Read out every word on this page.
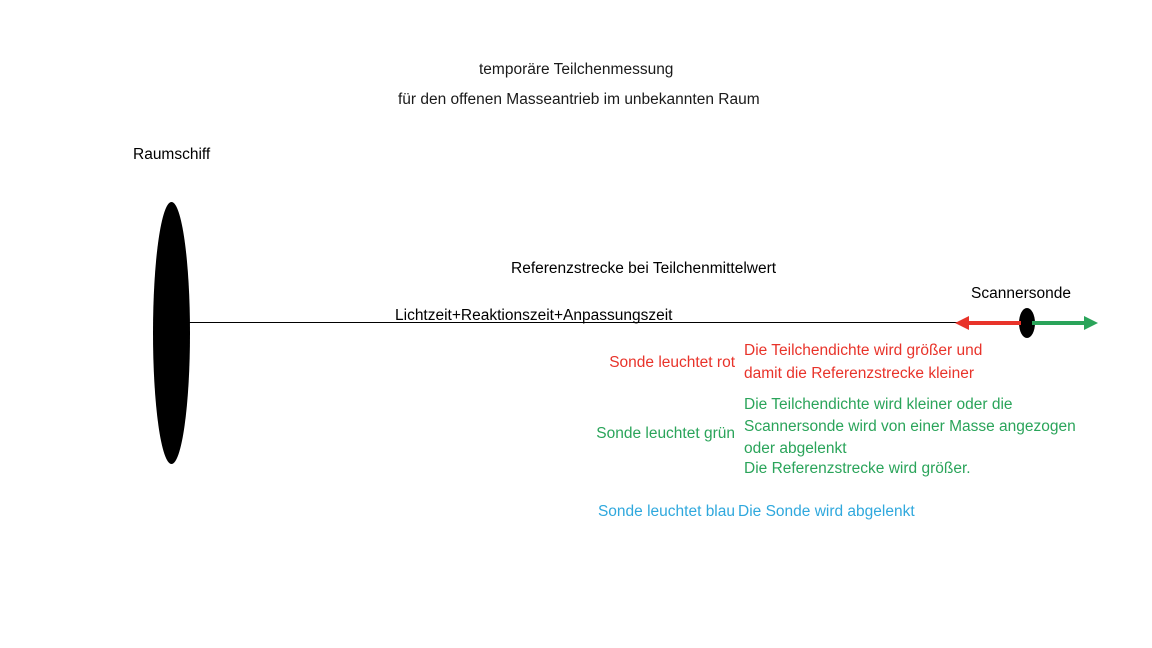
temporäre Teilchenmessung
für den offenen Masseantrieb im unbekannten Raum
Raumschiff
Referenzstrecke bei Teilchenmittelwert
Lichtzeit+Reaktionszeit+Anpassungszeit
Scannersonde
Sonde leuchtet rot
Die Teilchendichte wird größer und
damit die Referenzstrecke kleiner
Sonde leuchtet grün
Die Teilchendichte wird kleiner oder die
Scannersonde wird von einer Masse angezogen
oder abgelenkt
Die Referenzstrecke wird größer.
Sonde leuchtet blau Die Sonde wird abgelenkt
